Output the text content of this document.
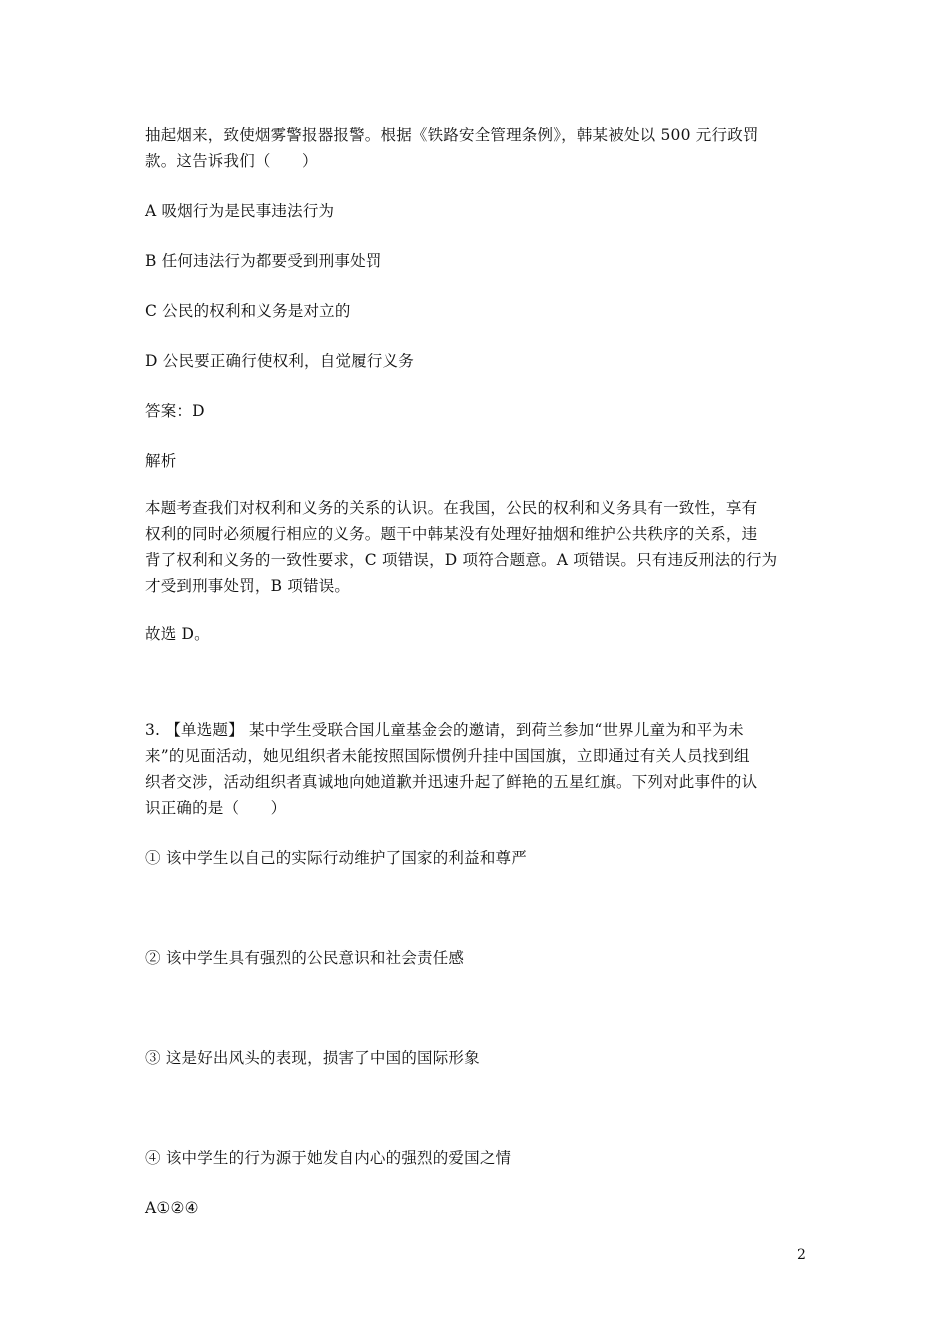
抽起烟来，致使烟雾警报器报警。根据《铁路安全管理条例》，韩某被处以 500 元行政罚
款。这告诉我们（　　）
A 吸烟行为是民事违法行为
B 任何违法行为都要受到刑事处罚
C 公民的权利和义务是对立的
D 公民要正确行使权利，自觉履行义务
答案：D
解析
本题考查我们对权利和义务的关系的认识。在我国，公民的权利和义务具有一致性，享有
权利的同时必须履行相应的义务。题干中韩某没有处理好抽烟和维护公共秩序的关系，违
背了权利和义务的一致性要求，C 项错误，D 项符合题意。A 项错误。只有违反刑法的行为
才受到刑事处罚，B 项错误。
故选 D。
3. 【单选题】 某中学生受联合国儿童基金会的邀请，到荷兰参加“世界儿童为和平为未
来”的见面活动，她见组织者未能按照国际惯例升挂中国国旗，立即通过有关人员找到组
织者交涉，活动组织者真诚地向她道歉并迅速升起了鲜艳的五星红旗。下列对此事件的认
识正确的是（　　）
① 该中学生以自己的实际行动维护了国家的利益和尊严
② 该中学生具有强烈的公民意识和社会责任感
③ 这是好出风头的表现，损害了中国的国际形象
④ 该中学生的行为源于她发自内心的强烈的爱国之情
A①②④
2
